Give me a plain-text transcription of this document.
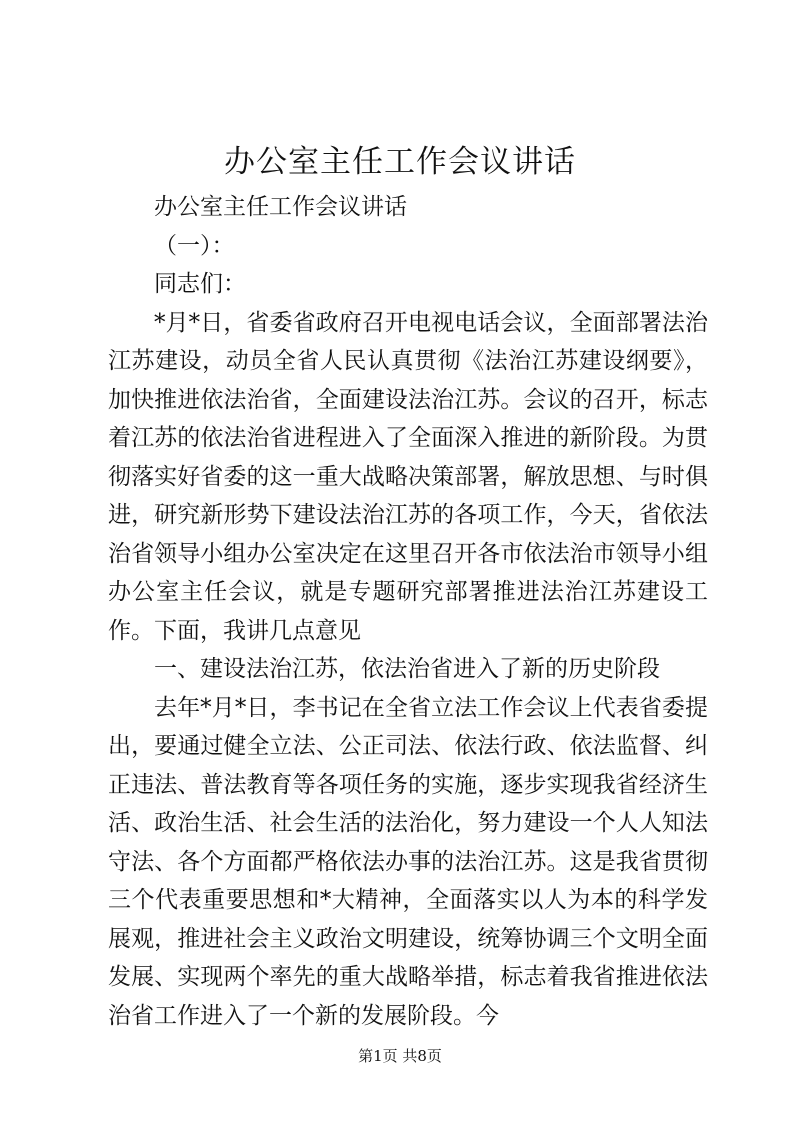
办公室主任工作会议讲话

办公室主任工作会议讲话

（一）：

同志们：

*月*日，省委省政府召开电视电话会议，全面部署法治江苏建设，动员全省人民认真贯彻《法治江苏建设纲要》，加快推进依法治省，全面建设法治江苏。会议的召开，标志着江苏的依法治省进程进入了全面深入推进的新阶段。为贯彻落实好省委的这一重大战略决策部署，解放思想、与时俱进，研究新形势下建设法治江苏的各项工作，今天，省依法治省领导小组办公室决定在这里召开各市依法治市领导小组办公室主任会议，就是专题研究部署推进法治江苏建设工作。下面，我讲几点意见

一、建设法治江苏，依法治省进入了新的历史阶段

去年*月*日，李书记在全省立法工作会议上代表省委提出，要通过健全立法、公正司法、依法行政、依法监督、纠正违法、普法教育等各项任务的实施，逐步实现我省经济生活、政治生活、社会生活的法治化，努力建设一个人人知法守法、各个方面都严格依法办事的法治江苏。这是我省贯彻三个代表重要思想和*大精神，全面落实以人为本的科学发展观，推进社会主义政治文明建设，统筹协调三个文明全面发展、实现两个率先的重大战略举措，标志着我省推进依法治省工作进入了一个新的发展阶段。今

第1页 共8页
